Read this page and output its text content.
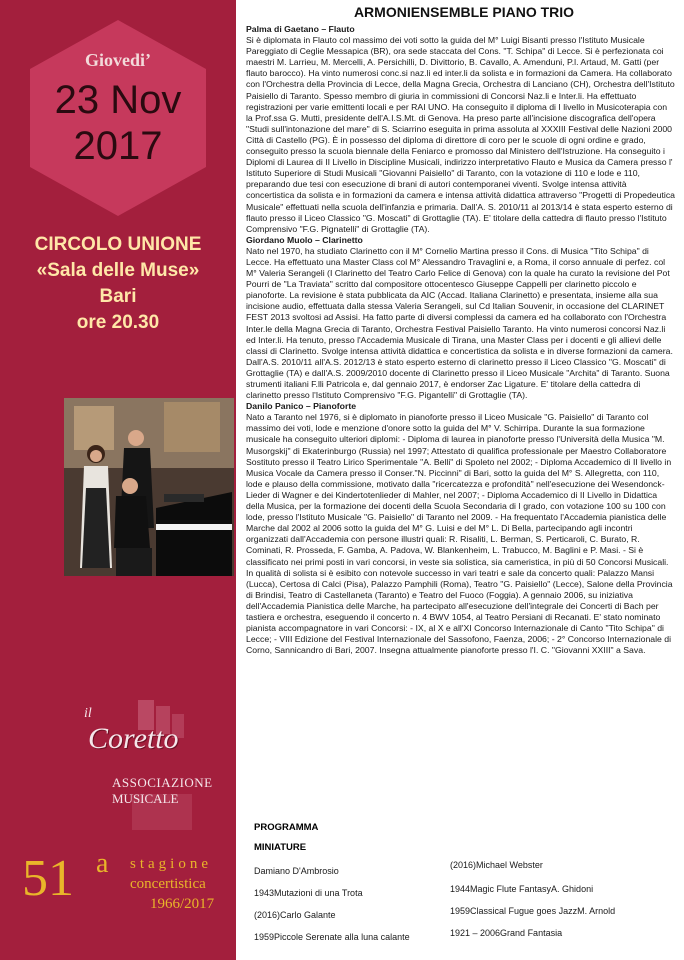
Giovedi’
23 Nov
2017
CIRCOLO UNIONE
«Sala delle Muse»
Bari
ore 20.30
il
Coretto
ASSOCIAZIONE
MUSICALE
51 a stagione
concertistica
1966/2017
ARMONIENSEMBLE PIANO TRIO

Palma di Gaetano – Flauto
Si è diplomata in Flauto col massimo dei voti sotto la guida del M° Luigi Bisanti presso l'Istituto Musicale Pareggiato di Ceglie Messapica (BR), ora sede staccata del Cons. "T. Schipa" di Lecce. Si è perfezionata coi maestri M. Larrieu, M. Mercelli, A. Persichilli, D. Divittorio, B. Cavallo, A. Amenduni, P.l. Artaud, M. Gatti (per flauto barocco). Ha vinto numerosi conc.si naz.li ed inter.li da solista e in formazioni da Camera. Ha collaborato con l'Orchestra della Provincia di Lecce, della Magna Grecia, Orchestra di Lanciano (CH), Orchestra dell'Istituto Paisiello di Taranto. Spesso membro di giuria in commissioni di Concorsi Naz.li e Inter.li. Ha effettuato registrazioni per varie emittenti locali e per RAI UNO. Ha conseguito il diploma di I livello in Musicoterapia con la Prof.ssa G. Mutti, presidente dell'A.I.S.Mt. di Genova. Ha preso parte all'incisione discografica dell'opera "Studi sull'intonazione del mare" di S. Sciarrino eseguita in prima assoluta al XXXIII Festival delle Nazioni 2000 Città di Castello (PG). È in possesso del diploma di direttore di coro per le scuole di ogni ordine e grado, conseguito presso la scuola biennale della Feniarco e promosso dal Ministero dell'Istruzione. Ha conseguito i Diplomi di Laurea di II Livello in Discipline Musicali, indirizzo interpretativo Flauto e Musica da Camera presso l' Istituto Superiore di Studi Musicali "Giovanni Paisiello" di Taranto, con la votazione di 110 e lode e 110, preparando due tesi con esecuzione di brani di autori contemporanei viventi. Svolge intensa attività concertistica da solista e in formazioni da camera e intensa attività didattica attraverso "Progetti di Propedeutica Musicale" effettuati nella scuola dell'infanzia e primaria. Dall'A. S. 2010/11 al 2013/14 è stata esperto esterno di flauto presso il Liceo Classico "G. Moscati" di Grottaglie (TA). E' titolare della cattedra di flauto presso l'Istituto Comprensivo "F.G. Pignatelli" di Grottaglie (TA).

Giordano Muolo – Clarinetto
Nato nel 1970, ha studiato Clarinetto con il M° Cornelio Martina presso il Cons. di Musica "Tito Schipa" di Lecce. Ha effettuato una Master Class col M° Alessandro Travaglini e, a Roma, il corso annuale di perfez. col M° Valeria Serangeli (I Clarinetto del Teatro Carlo Felice di Genova) con la quale ha curato la revisione del Pot Pourri de "La Traviata" scritto dal compositore ottocentesco Giuseppe Cappelli per clarinetto piccolo e pianoforte. La revisione è stata pubblicata da AIC (Accad. Italiana Clarinetto) e presentata, insieme alla sua incisione audio, effettuata dalla stessa Valeria Serangeli, sul Cd Italian Souvenir, in occasione del CLARINET FEST 2013 svoltosi ad Assisi. Ha fatto parte di diversi complessi da camera ed ha collaborato con l'Orchestra Inter.le della Magna Grecia di Taranto, Orchestra Festival Paisiello Taranto. Ha vinto numerosi concorsi Naz.li ed Inter.li. Ha tenuto, presso l'Accademia Musicale di Tirana, una Master Class per i docenti e gli allievi delle classi di Clarinetto. Svolge intensa attività didattica e concertistica da solista e in diverse formazioni da camera. Dall'A.S. 2010/11 all'A.S. 2012/13 è stato esperto esterno di clarinetto presso il Liceo Classico "G. Moscati" di Grottaglie (TA) e dall'A.S. 2009/2010 docente di Clarinetto presso il Liceo Musicale "Archita" di Taranto. Suona strumenti italiani F.lli Patricola e, dal gennaio 2017, è endorser Zac Ligature. E' titolare della cattedra di clarinetto presso l'Istituto Comprensivo "F.G. Pigantelli" di Grottaglie (TA).

Danilo Panico – Pianoforte
Nato a Taranto nel 1976, si è diplomato in pianoforte presso il Liceo Musicale "G. Paisiello" di Taranto col massimo dei voti, lode e menzione d'onore sotto la guida del M° V. Schirripa. Durante la sua formazione musicale ha conseguito ulteriori diplomi: - Diploma di laurea in pianoforte presso l'Università della Musica "M. Musorgskij" di Ekaterinburgo (Russia) nel 1997; Attestato di qualifica professionale per Maestro Collaboratore Sostituto presso il Teatro Lirico Sperimentale "A. Belli" di Spoleto nel 2002; - Diploma Accademico di II livello in Musica Vocale da Camera presso il Conser."N. Piccinni" di Bari, sotto la guida del M° S. Allegretta, con 110, lode e plauso della commissione, motivato dalla "ricercatezza e profondità" nell'esecuzione dei Wesendonck-Lieder di Wagner e dei Kindertotenlieder di Mahler, nel 2007; - Diploma Accademico di II Livello in Didattica della Musica, per la formazione dei docenti della Scuola Secondaria di I grado, con votazione 100 su 100 con lode, presso l'Istituto Musicale "G. Paisiello" di Taranto nel 2009. - Ha frequentato l'Accademia pianistica delle Marche dal 2002 al 2006 sotto la guida del M° G. Luisi e del M° L. Di Bella, partecipando agli incontri organizzati dall'Accademia con persone illustri quali: R. Risaliti, L. Berman, S. Perticaroli, C. Burato, R. Cominati, R. Prosseda, F. Gamba, A. Padova, W. Blankenheim, L. Trabucco, M. Baglini e P. Masi. - Si è classificato nei primi posti in vari concorsi, in veste sia solistica, sia cameristica, in più di 50 Concorsi Musicali. In qualità di solista si è esibito con notevole successo in vari teatri e sale da concerto quali: Palazzo Mansi (Lucca), Certosa di Calci (Pisa), Palazzo Pamphili (Roma), Teatro "G. Paisiello" (Lecce), Salone della Provincia di Brindisi, Teatro di Castellaneta (Taranto) e Teatro del Fuoco (Foggia). A gennaio 2006, su iniziativa dell'Accademia Pianistica delle Marche, ha partecipato all'esecuzione dell'integrale dei Concerti di Bach per tastiera e orchestra, eseguendo il concerto n. 4 BWV 1054, al Teatro Persiani di Recanati. E' stato nominato pianista accompagnatore in vari Concorsi: - IX, al X e all'XI Concorso Internazionale di Canto "Tito Schipa" di Lecce; - VIII Edizione del Festival Internazionale del Sassofono, Faenza, 2006; - 2° Concorso Internazionale di Corno, Sannicandro di Bari, 2007. Insegna attualmente pianoforte presso l'I. C. "Giovanni XXIII" a Sava.

PROGRAMMA
MINIATURE
Damiano D'Ambrosio
1943Mutazioni di una Trota
(2016)Carlo Galante
1959Piccole Serenate alla luna calante
(2016)Michael Webster
1944Magic Flute FantasyA. Ghidoni
1959Classical Fugue goes JazzM. Arnold
1921 – 2006Grand Fantasia
